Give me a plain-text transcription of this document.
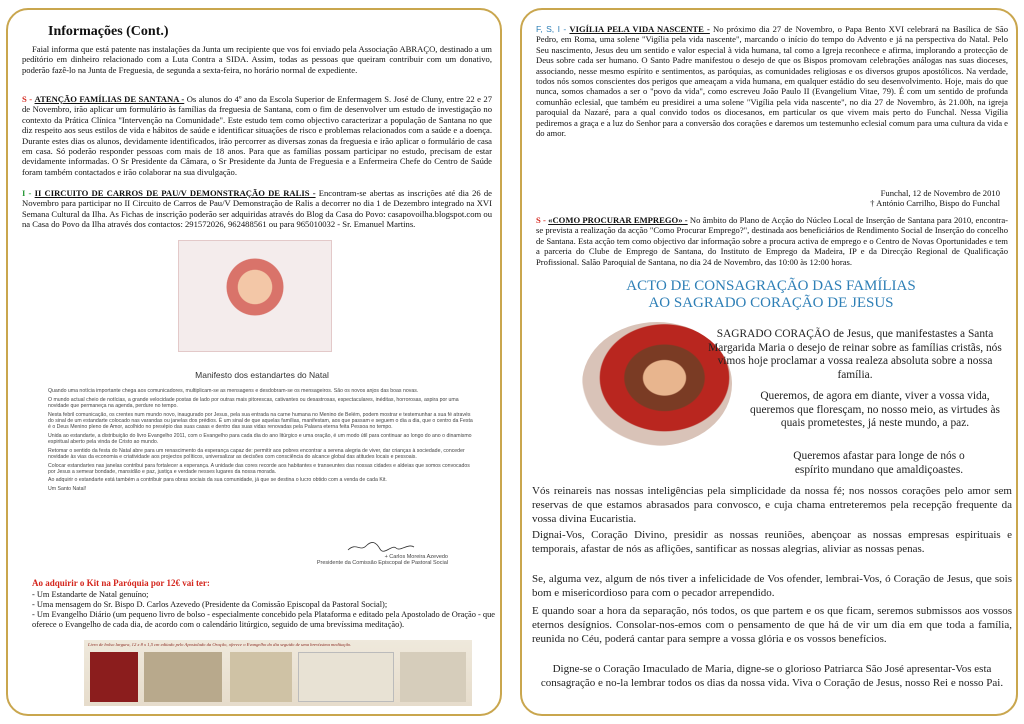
Informações (Cont.)
Faial informa que está patente nas instalações da Junta um recipiente que vos foi enviado pela Associação ABRAÇO, destinado a um pedítório em dinheiro relacionado com a Luta Contra a SIDA. Assim, todas as pessoas que queiram contribuir com um donativo, poderão fazê-lo na Junta de Freguesia, de segunda a sexta-feira, no horário normal de expediente.
S - ATENÇÃO FAMÍLIAS DE SANTANA - Os alunos do 4º ano da Escola Superior de Enfermagem S. José de Cluny, entre 22 e 27 de Novembro, irão aplicar um formulário às famílias da freguesia de Santana, com o fim de desenvolver um estudo de investigação no contexto da Prática Clínica "Intervenção na Comunidade". Este estudo tem como objectivo caracterizar a população de Santana no que diz respeito aos seus estilos de vida e hábitos de saúde e identificar situações de risco e problemas relacionados com a saúde e a doença. Durante estes dias os alunos, devidamente identificados, irão percorrer as diversas zonas da freguesia e irão aplicar o formulário de casa em casa. Só poderão responder pessoas com mais de 18 anos. Para que as famílias possam participar no estudo, precisam de estar devidamente informadas. O Sr Presidente da Câmara, o Sr Presidente da Junta de Freguesia e a Enfermeira Chefe do Centro de Saúde foram também contactados e irão colaborar na sua divulgação.
I - II CIRCUITO DE CARROS DE PAU/V DEMONSTRAÇÃO DE RALIS - Encontram-se abertas as inscrições até dia 26 de Novembro para participar no II Circuito de Carros de Pau/V Demonstração de Ralis a decorrer no dia 1 de Dezembro integrado na XVI Semana Cultural da Ilha. As Fichas de inscrição poderão ser adquiridas através do Blog da Casa do Povo: casapovoilha.blogspot.com ou na Casa do Povo da Ilha através dos contactos: 291572026, 962488561 ou para 965010032 - Sr. Emanuel Martins.
Manifesto dos estandartes do Natal

Quando uma notícia importante chega aos comunicadores, multiplicam-se as mensagens e desdobram-se os mensageiros. São os novos anjos das boas novas.

O mundo actual cheio de notícias, a grande velocidade postas de lado por outras mais pitorescas, cativantes ou desastrosas, espectaculares, inéditas, horrorosas, aspira por uma novidade que permaneça na agenda, perdure no tempo.

Nesta febril comunicação, os crentes num mundo novo, inaugurado por Jesus, pela sua entrada na carne humana no Menino de Belém, podem mostrar e testemunhar a sua fé através do sinal de um estandarte colocado nas varandas ou janelas dos prédios. É um sinal de que aquelas famílias, manifestam, aos que passam e seguem o dia a dia, que o centro da Festa é o Deus Menino pleno de Amor, acolhido no presépio das suas casas e dentro das suas vidas renovadas pela Palavra eterna feita Pessoa no tempo.

Unida ao estandarte, a distribuição do livro Evangelho 2011, com o Evangelho para cada dia do ano litúrgico e uma oração, é um modo útil para continuar ao longo do ano o dinamismo espiritual aberto pela vinda de Cristo ao mundo.

Retomar o sentido da festa do Natal abre para um renascimento da esperança capaz de: permitir aos pobres encontrar a serena alegria de viver, dar crianças à sociedade, conceder novidade às vias da economia e criatividade aos projectos políticos, universalizar as decisões com consciência do alcance global das atitudes locais e pessoais.

Colocar estandartes nas janelas contribui para fortalecer a esperança. A unidade das cores recorde aos habitantes e transeuntes das nossas cidades e aldeias que somos convocados por Jesus a semear bondade, mansidão e paz, justiça e verdade nesses lugares da nossa morada.

Ao adquirir o estandarte está também a contribuir para obras sociais da sua comunidade, já que se destina o lucro obtido com a venda de cada Kit.

Um Santo Natal!

+ Carlos Moreira Azevedo
Presidente da Comissão Episcopal de Pastoral Social
Ao adquirir o Kit na Paróquia por 12€ vai ter:
- Um Estandarte de Natal genuíno;
- Uma mensagem do Sr. Bispo D. Carlos Azevedo (Presidente da Comissão Episcopal da Pastoral Social);
- Um Evangelho Diário (um pequeno livro de bolso - especialmente concebido pela Plataforma e editado pela Apostolado de Oração - que oferece o Evangelho de cada dia, de acordo com o calendário litúrgico, seguido de uma brevíssima meditação).
Livro de bolso largura, 12 x 8 x 1,5 cm editado pelo Apostolado da Oração, oferece o Evangelho do dia seguido de uma brevíssima meditação.
F, S, I - VIGÍLIA PELA VIDA NASCENTE - No próximo dia 27 de Novembro, o Papa Bento XVI celebrará na Basílica de São Pedro, em Roma, uma solene "Vigília pela vida nascente", marcando o início do tempo do Advento e já na perspectiva do Natal. Pelo Seu nascimento, Jesus deu um sentido e valor especial à vida humana, tal como a Igreja reconhece e afirma, implorando a protecção de Deus sobre cada ser humano. O Santo Padre manifestou o desejo de que os Bispos promovam celebrações análogas nas suas dioceses, associando, nesse mesmo espírito e sentimentos, as paróquias, as comunidades religiosas e os diversos grupos apostólicos. Na verdade, todos nós somos conscientes dos perigos que ameaçam a vida humana, em qualquer estádio do seu desenvolvimento. Hoje, mais do que nunca, somos chamados a ser o "povo da vida", como escreveu João Paulo II (Evangelium Vitae, 79). É com um sentido de profunda comunhão eclesial, que também eu presidirei a uma solene "Vigília pela vida nascente", no dia 27 de Novembro, às 21.00h, na igreja paroquial da Nazaré, para a qual convido todos os diocesanos, em particular os que vivem mais perto do Funchal. Nessa Vigília pediremos a graça e a luz do Senhor para a conversão dos corações e daremos um testemunho eclesial comum para uma cultura da vida e do amor.
Funchal, 12 de Novembro de 2010
† António Carrilho, Bispo do Funchal
S - «COMO PROCURAR EMPREGO» - No âmbito do Plano de Acção do Núcleo Local de Inserção de Santana para 2010, encontra-se prevista a realização da acção "Como Procurar Emprego?", destinada aos beneficiários de Rendimento Social de Inserção do concelho de Santana. Esta acção tem como objectivo dar informação sobre a procura activa de emprego e o Centro de Novas Oportunidades e tem a parceria do Clube de Emprego de Santana, do Instituto de Emprego da Madeira, IP e da Direcção Regional de Qualificação Profissional. Salão Paroquial de Santana, no dia 24 de Novembro, das 10:00 às 12:00 horas.
ACTO DE CONSAGRAÇÃO DAS FAMÍLIAS
AO SAGRADO CORAÇÃO DE JESUS
SAGRADO CORAÇÃO de Jesus, que manifestastes a Santa Margarida Maria o desejo de reinar sobre as famílias cristãs, nós vimos hoje proclamar a vossa realeza absoluta sobre a nossa família.
Queremos, de agora em diante, viver a vossa vida, queremos que floresçam, no nosso meio, as virtudes às quais prometestes, já neste mundo, a paz.
Queremos afastar para longe de nós o espírito mundano que amaldiçoastes.
Vós reinareis nas nossas inteligências pela simplicidade da nossa fé; nos nossos corações pelo amor sem reservas de que estamos abrasados para convosco, e cuja chama entreteremos pela recepção frequente da vossa divina Eucaristia.
Dignai-Vos, Coração Divino, presidir as nossas reuniões, abençoar as nossas empresas espirituais e temporais, afastar de nós as aflições, santificar as nossas alegrias, aliviar as nossas penas.
Se, alguma vez, algum de nós tiver a infelicidade de Vos ofender, lembrai-Vos, ó Coração de Jesus, que sois bom e misericordioso para com o pecador arrependido.
E quando soar a hora da separação, nós todos, os que partem e os que ficam, seremos submissos aos vossos eternos desígnios. Consolar-nos-emos com o pensamento de que há de vir um dia em que toda a família, reunida no Céu, poderá cantar para sempre a vossa glória e os vossos benefícios.
Digne-se o Coração Imaculado de Maria, digne-se o glorioso Patriarca São José apresentar-Vos esta consagração e no-la lembrar todos os dias da nossa vida. Viva o Coração de Jesus, nosso Rei e nosso Pai.
